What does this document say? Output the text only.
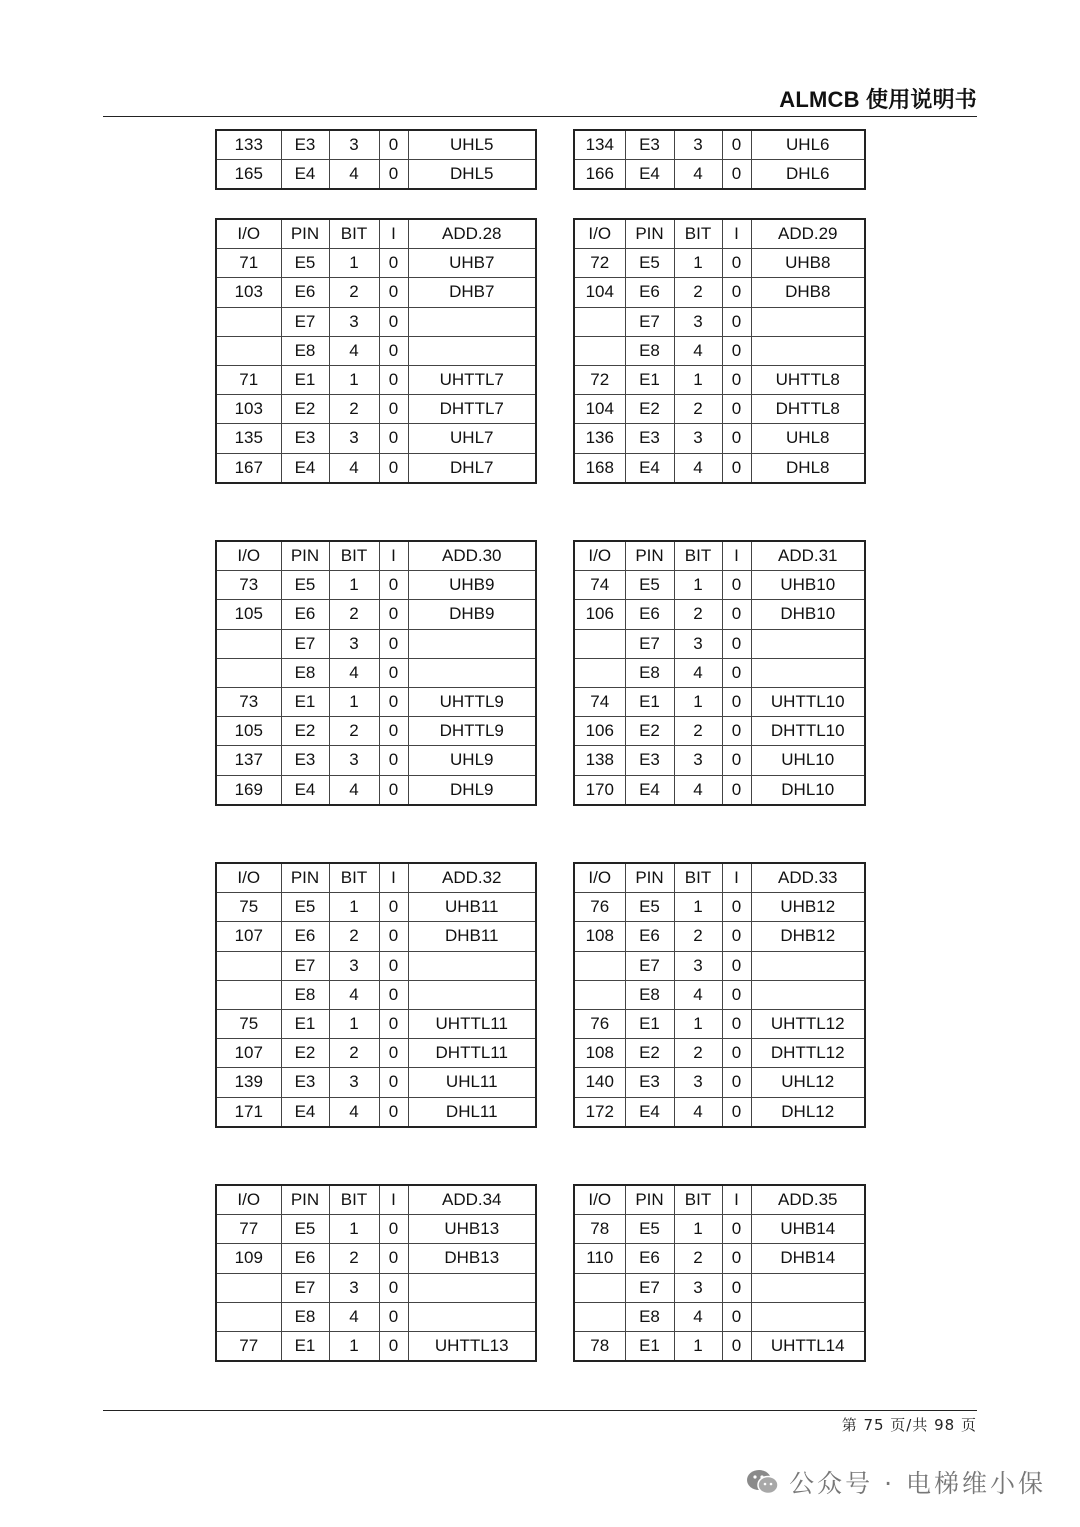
ALMCB 使用说明书
133	E3	3	0	UHL5
165	E4	4	0	DHL5
134	E3	3	0	UHL6
166	E4	4	0	DHL6
I/O	PIN	BIT	I	ADD.28
71	E5	1	0	UHB7
103	E6	2	0	DHB7
	E7	3	0	
	E8	4	0	
71	E1	1	0	UHTTL7
103	E2	2	0	DHTTL7
135	E3	3	0	UHL7
167	E4	4	0	DHL7
I/O	PIN	BIT	I	ADD.29
72	E5	1	0	UHB8
104	E6	2	0	DHB8
	E7	3	0	
	E8	4	0	
72	E1	1	0	UHTTL8
104	E2	2	0	DHTTL8
136	E3	3	0	UHL8
168	E4	4	0	DHL8
I/O	PIN	BIT	I	ADD.30
73	E5	1	0	UHB9
105	E6	2	0	DHB9
	E7	3	0	
	E8	4	0	
73	E1	1	0	UHTTL9
105	E2	2	0	DHTTL9
137	E3	3	0	UHL9
169	E4	4	0	DHL9
I/O	PIN	BIT	I	ADD.31
74	E5	1	0	UHB10
106	E6	2	0	DHB10
	E7	3	0	
	E8	4	0	
74	E1	1	0	UHTTL10
106	E2	2	0	DHTTL10
138	E3	3	0	UHL10
170	E4	4	0	DHL10
I/O	PIN	BIT	I	ADD.32
75	E5	1	0	UHB11
107	E6	2	0	DHB11
	E7	3	0	
	E8	4	0	
75	E1	1	0	UHTTL11
107	E2	2	0	DHTTL11
139	E3	3	0	UHL11
171	E4	4	0	DHL11
I/O	PIN	BIT	I	ADD.33
76	E5	1	0	UHB12
108	E6	2	0	DHB12
	E7	3	0	
	E8	4	0	
76	E1	1	0	UHTTL12
108	E2	2	0	DHTTL12
140	E3	3	0	UHL12
172	E4	4	0	DHL12
I/O	PIN	BIT	I	ADD.34
77	E5	1	0	UHB13
109	E6	2	0	DHB13
	E7	3	0	
	E8	4	0	
77	E1	1	0	UHTTL13
I/O	PIN	BIT	I	ADD.35
78	E5	1	0	UHB14
110	E6	2	0	DHB14
	E7	3	0	
	E8	4	0	
78	E1	1	0	UHTTL14
第 75 页/共 98 页
公众号 · 电梯维小保
